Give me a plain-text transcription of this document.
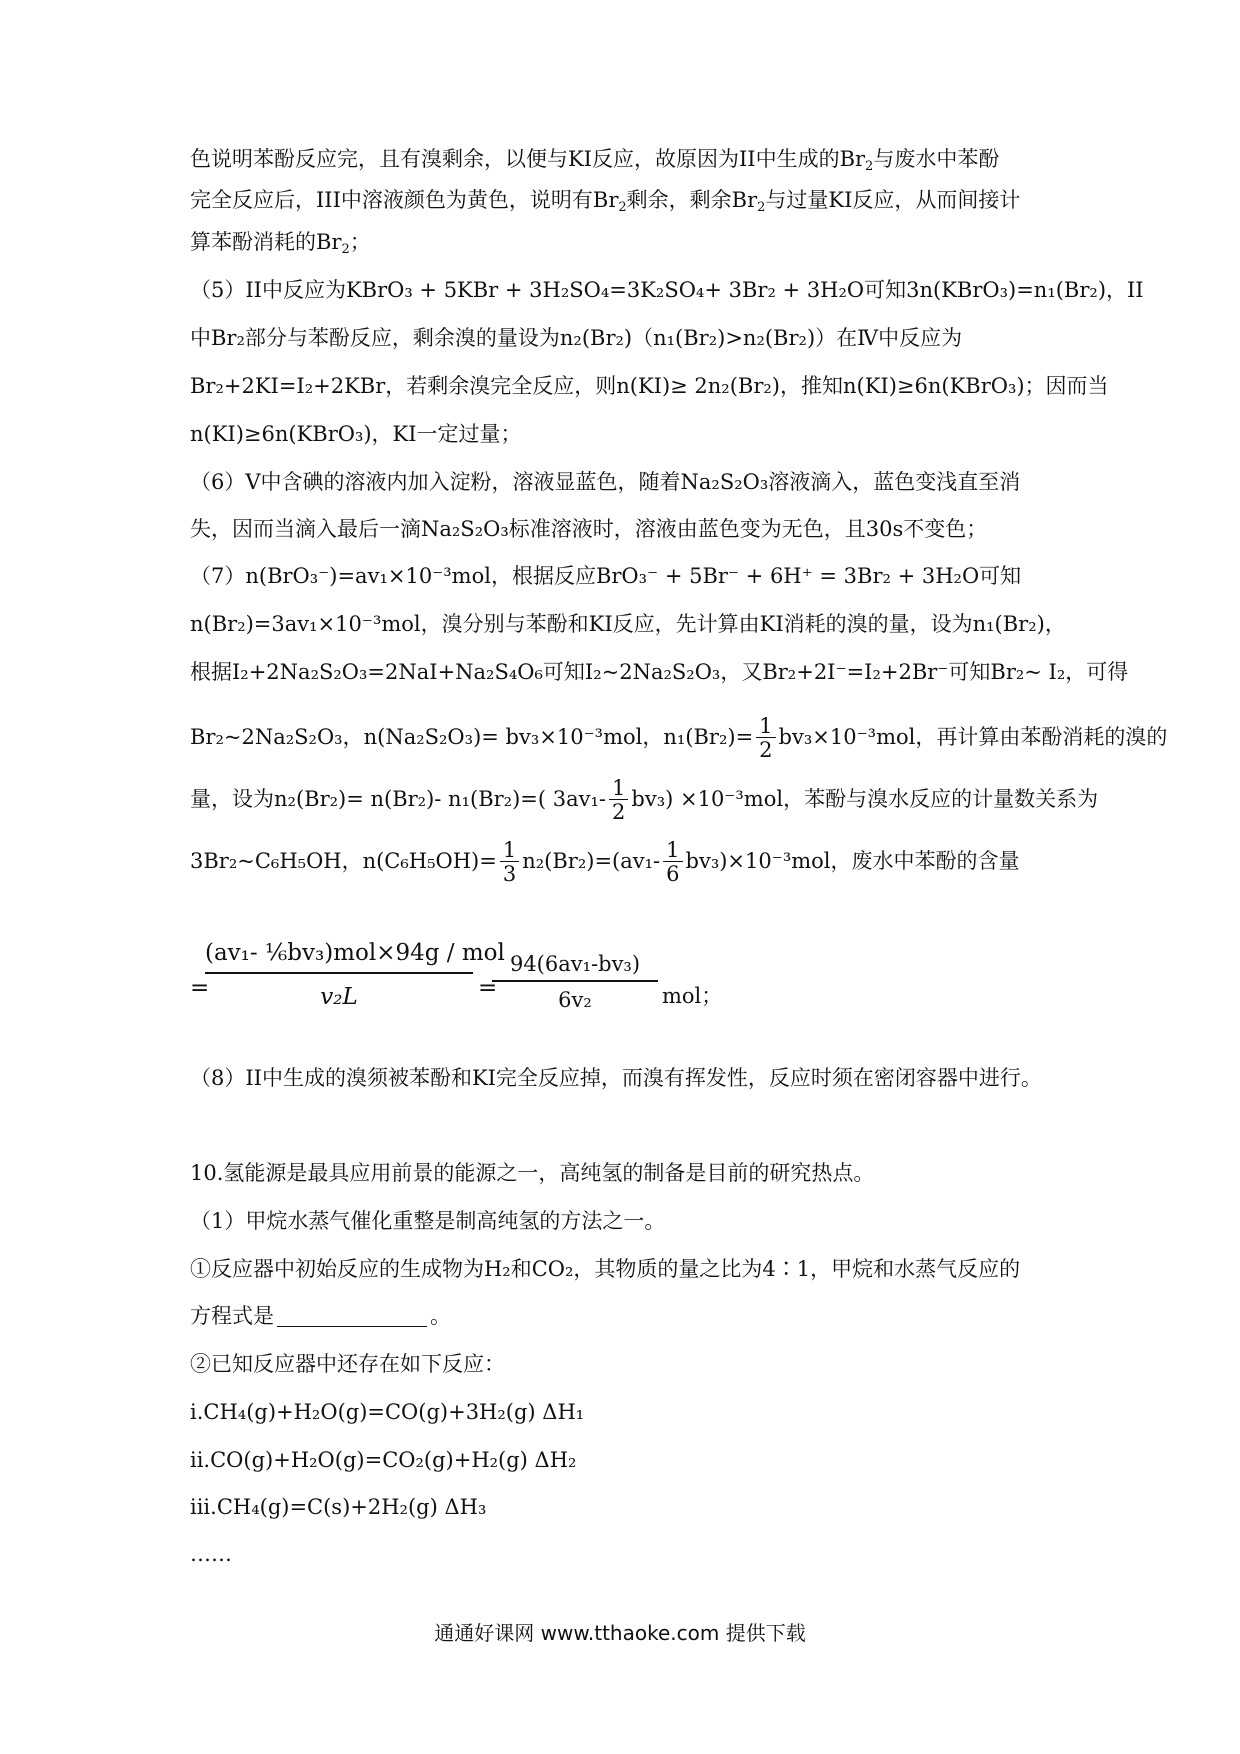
色说明苯酚反应完，且有溴剩余，以便与KI反应，故原因为II中生成的$Br_2$与废水中苯酚
完全反应后，III中溶液颜色为黄色，说明有$Br_2$剩余，剩余$Br_2$与过量KI反应，从而间接计
算苯酚消耗的$Br_2$；
（5）II中反应为KBrO₃ + 5KBr + 3H₂SO₄=3K₂SO₄+ 3Br₂ + 3H₂O可知3n(KBrO₃)=n₁(Br₂)，II
中Br₂部分与苯酚反应，剩余溴的量设为n₂(Br₂)（n₁(Br₂)>n₂(Br₂)）在Ⅳ中反应为
Br₂+2KI=I₂+2KBr，若剩余溴完全反应，则n(KI)≥ 2n₂(Br₂)，推知n(KI)≥6n(KBrO₃)；因而当
n(KI)≥6n(KBrO₃)，KI一定过量；
（6）V中含碘的溶液内加入淀粉，溶液显蓝色，随着Na₂S₂O₃溶液滴入，蓝色变浅直至消
失，因而当滴入最后一滴Na₂S₂O₃标准溶液时，溶液由蓝色变为无色，且30s不变色；
（7）n(BrO₃⁻)=av₁×10⁻³mol，根据反应BrO₃⁻ + 5Br⁻ + 6H⁺ = 3Br₂ + 3H₂O可知
n(Br₂)=3av₁×10⁻³mol，溴分别与苯酚和KI反应，先计算由KI消耗的溴的量，设为n₁(Br₂)，
根据I₂+2Na₂S₂O₃=2NaI+Na₂S₄O₆可知I₂~2Na₂S₂O₃，又Br₂+2I⁻=I₂+2Br⁻可知Br₂~ I₂，可得
Br₂~2Na₂S₂O₃，n(Na₂S₂O₃)= bv₃×10⁻³mol，$n_1(Br_2)= \frac{1}{2} bv_3\times 10^{-3}mol$，再计算由苯酚消耗的溴的
量，设为n₂(Br₂)= n(Br₂)- n₁(Br₂)=( $3av_1- \frac{1}{2} bv_3) \times 10^{-3}mol$，苯酚与溴水反应的计量数关系为
3Br₂~C₆H₅OH，$n(C_6H_5OH)= \frac{1}{3} n_2(Br_2)=(av_1- \frac{1}{6} bv_3)\times 10^{-3}mol$，废水中苯酚的含量
=
(av₁- ⅙bv₃)mol×94g / mol
v₂L	=
$\frac{\text{94(6av₁-bv₃)}}{\text{6v₂}}$ mol；
（8）II中生成的溴须被苯酚和KI完全反应掉，而溴有挥发性，反应时须在密闭容器中进行。
10.氢能源是最具应用前景的能源之一，高纯氢的制备是目前的研究热点。
（1）甲烷水蒸气催化重整是制高纯氢的方法之一。
①反应器中初始反应的生成物为H₂和CO₂，其物质的量之比为4∶1，甲烷和水蒸气反应的
方程式是	。
②已知反应器中还存在如下反应：
i.CH₄(g)+H₂O(g)=CO(g)+3H₂(g) ΔH₁
ii.CO(g)+H₂O(g)=CO₂(g)+H₂(g) ΔH₂
iii.CH₄(g)=C(s)+2H₂(g) ΔH₃
……
通通好课网 www.tthaoke.com 提供下载
